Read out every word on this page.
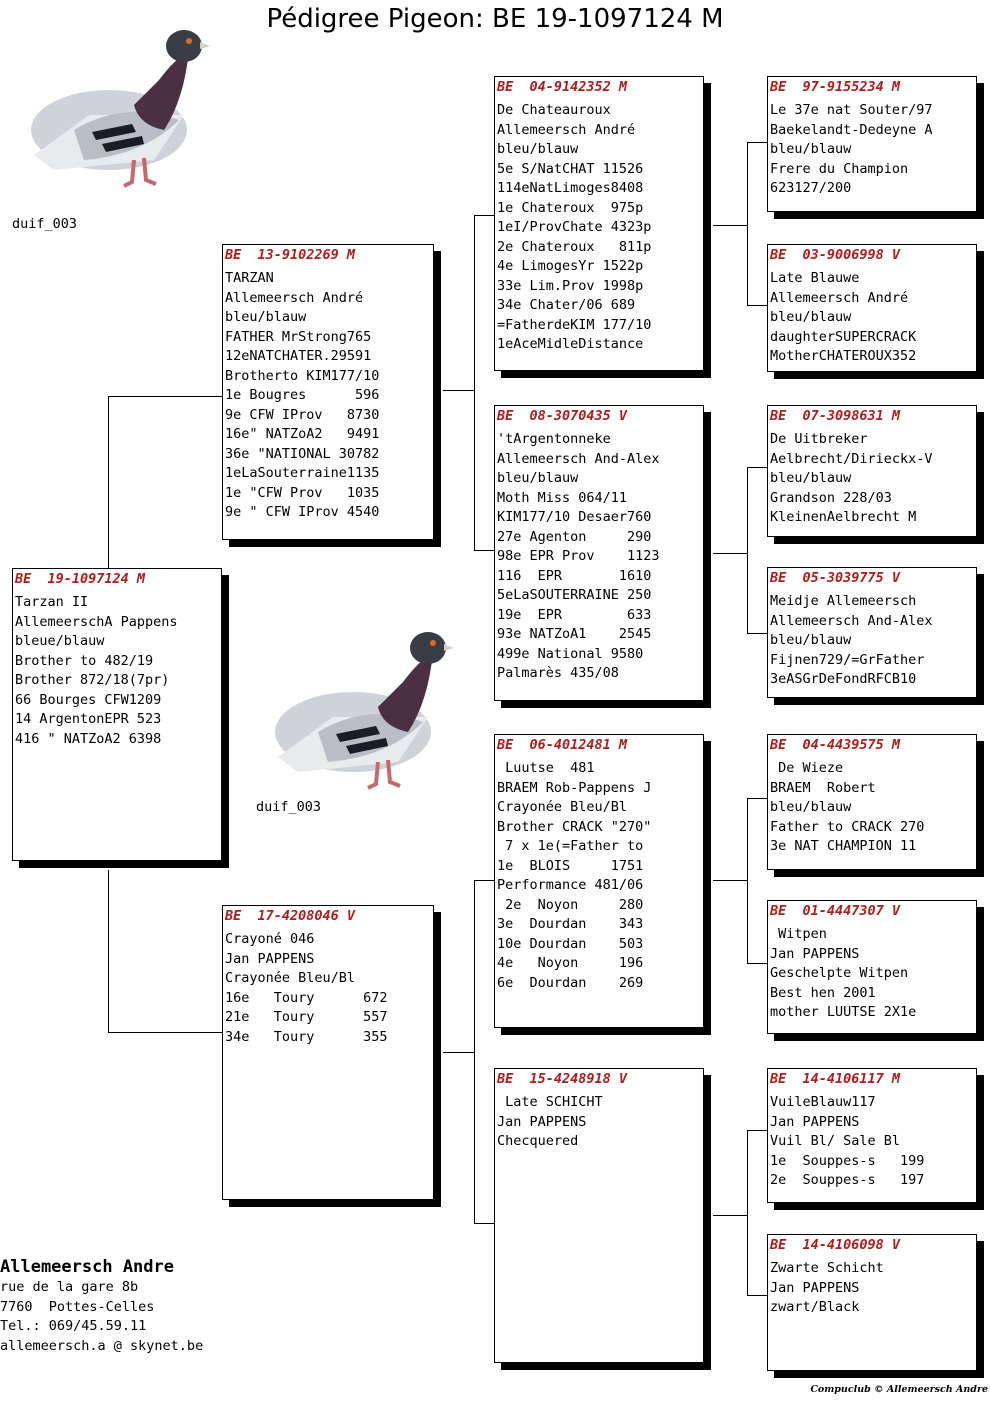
Pédigree Pigeon: BE 19-1097124 M
duif_003
duif_003
BE  19-1097124 M
Tarzan II
AllemeerschA Pappens
bleue/blauw
Brother to 482/19
Brother 872/18(7pr)
66 Bourges CFW1209
14 ArgentonEPR 523
416 " NATZoA2 6398
BE  13-9102269 M
TARZAN
Allemeersch André
bleu/blauw
FATHER MrStrong765
12eNATCHATER.29591
Brotherto KIM177/10
1e Bougres      596
9e CFW IProv   8730
16e" NATZoA2   9491
36e "NATIONAL 30782
1eLaSouterraine1135
1e "CFW Prov   1035
9e " CFW IProv 4540
BE  17-4208046 V
Crayoné 046
Jan PAPPENS
Crayonée Bleu/Bl
16e   Toury      672
21e   Toury      557
34e   Toury      355
BE  04-9142352 M
De Chateauroux
Allemeersch André
bleu/blauw
5e S/NatCHAT 11526
114eNatLimoges8408
1e Chateroux  975p
1eI/ProvChate 4323p
2e Chateroux   811p
4e LimogesYr 1522p
33e Lim.Prov 1998p
34e Chater/06 689
=FatherdeKIM 177/10
1eAceMidleDistance
BE  08-3070435 V
'tArgentonneke
Allemeersch And-Alex
bleu/blauw
Moth Miss 064/11
KIM177/10 Desaer760
27e Agenton     290
98e EPR Prov    1123
116  EPR       1610
5eLaSOUTERRAINE 250
19e  EPR        633
93e NATZoA1    2545
499e National 9580
Palmarès 435/08
BE  06-4012481 M
Luutse  481
BRAEM Rob-Pappens J
Crayonée Bleu/Bl
Brother CRACK "270"
7 x 1e(=Father to
1e  BLOIS     1751
Performance 481/06
2e  Noyon     280
3e  Dourdan    343
10e Dourdan    503
4e   Noyon     196
6e  Dourdan    269
BE  15-4248918 V
Late SCHICHT
Jan PAPPENS
Checquered
BE  97-9155234 M
Le 37e nat Souter/97
Baekelandt-Dedeyne A
bleu/blauw
Frere du Champion
623127/200
BE  03-9006998 V
Late Blauwe
Allemeersch André
bleu/blauw
daughterSUPERCRACK
MotherCHATEROUX352
BE  07-3098631 M
De Uitbreker
Aelbrecht/Dirieckx-V
bleu/blauw
Grandson 228/03
KleinenAelbrecht M
BE  05-3039775 V
Meidje Allemeersch
Allemeersch And-Alex
bleu/blauw
Fijnen729/=GrFather
3eASGrDeFondRFCB10
BE  04-4439575 M
De Wieze
BRAEM  Robert
bleu/blauw
Father to CRACK 270
3e NAT CHAMPION 11
BE  01-4447307 V
Witpen
Jan PAPPENS
Geschelpte Witpen
Best hen 2001
mother LUUTSE 2X1e
BE  14-4106117 M
VuileBlauw117
Jan PAPPENS
Vuil Bl/ Sale Bl
1e  Souppes-s   199
2e  Souppes-s   197
BE  14-4106098 V
Zwarte Schicht
Jan PAPPENS
zwart/Black
Allemeersch Andre
rue de la gare 8b
7760  Pottes-Celles
Tel.: 069/45.59.11
allemeersch.a @ skynet.be
Compuclub © Allemeersch Andre
